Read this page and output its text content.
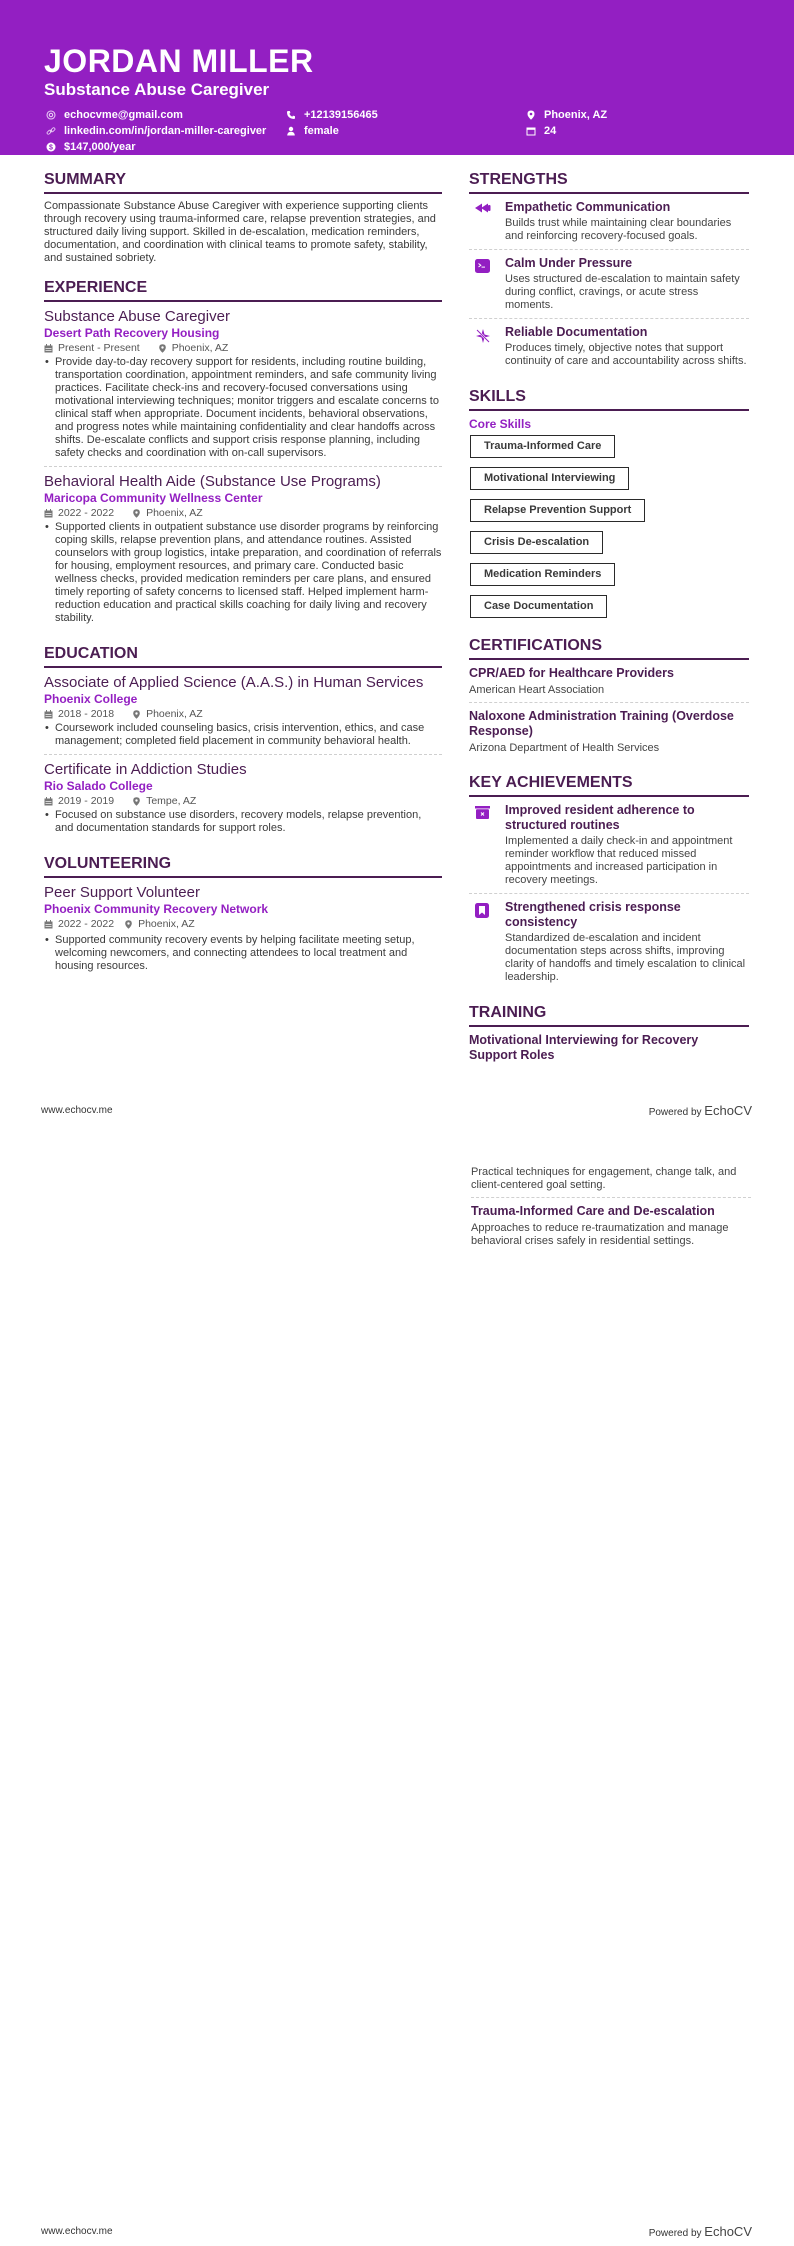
JORDAN MILLER
Substance Abuse Caregiver
echocvme@gmail.com
linkedin.com/in/jordan-miller-caregiver
$ $147,000/year
+12139156465
female
Phoenix, AZ
24
SUMMARY
Compassionate Substance Abuse Caregiver with experience supporting clients through recovery using trauma-informed care, relapse prevention strategies, and structured daily living support. Skilled in de-escalation, medication reminders, documentation, and coordination with clinical teams to promote safety, stability, and sustained sobriety.
EXPERIENCE
Substance Abuse Caregiver
Desert Path Recovery Housing
Present - Present	Phoenix, AZ
• Provide day-to-day recovery support for residents, including routine building, transportation coordination, appointment reminders, and safe community living practices. Facilitate check-ins and recovery-focused conversations using motivational interviewing techniques; monitor triggers and escalate concerns to clinical staff when appropriate. Document incidents, behavioral observations, and progress notes while maintaining confidentiality and clear handoffs across shifts. De-escalate conflicts and support crisis response planning, including safety checks and coordination with on-call supervisors.
Behavioral Health Aide (Substance Use Programs)
Maricopa Community Wellness Center
2022 - 2022	Phoenix, AZ
• Supported clients in outpatient substance use disorder programs by reinforcing coping skills, relapse prevention plans, and attendance routines. Assisted counselors with group logistics, intake preparation, and coordination of referrals for housing, employment resources, and primary care. Conducted basic wellness checks, provided medication reminders per care plans, and ensured timely reporting of safety concerns to licensed staff. Helped implement harm-reduction education and practical skills coaching for daily living and recovery stability.
EDUCATION
Associate of Applied Science (A.A.S.) in Human Services
Phoenix College
2018 - 2018	Phoenix, AZ
• Coursework included counseling basics, crisis intervention, ethics, and case management; completed field placement in community behavioral health.
Certificate in Addiction Studies
Rio Salado College
2019 - 2019	Tempe, AZ
• Focused on substance use disorders, recovery models, relapse prevention, and documentation standards for support roles.
VOLUNTEERING
Peer Support Volunteer
Phoenix Community Recovery Network
2022 - 2022 Phoenix, AZ
• Supported community recovery events by helping facilitate meeting setup, welcoming newcomers, and connecting attendees to local treatment and housing resources.
STRENGTHS
Empathetic Communication
Builds trust while maintaining clear boundaries and reinforcing recovery-focused goals.
Calm Under Pressure
Uses structured de-escalation to maintain safety during conflict, cravings, or acute stress moments.
Reliable Documentation
Produces timely, objective notes that support continuity of care and accountability across shifts.
SKILLS
Core Skills
Trauma-Informed Care
Motivational Interviewing
Relapse Prevention Support
Crisis De-escalation
Medication Reminders
Case Documentation
CERTIFICATIONS
CPR/AED for Healthcare Providers
American Heart Association
Naloxone Administration Training (Overdose Response)
Arizona Department of Health Services
KEY ACHIEVEMENTS
Improved resident adherence to structured routines
Implemented a daily check-in and appointment reminder workflow that reduced missed appointments and increased participation in recovery meetings.
Strengthened crisis response consistency
Standardized de-escalation and incident documentation steps across shifts, improving clarity of handoffs and timely escalation to clinical leadership.
TRAINING
Motivational Interviewing for Recovery Support Roles
www.echocv.me	Powered by EchoCV
Practical techniques for engagement, change talk, and client-centered goal setting.
Trauma-Informed Care and De-escalation
Approaches to reduce re-traumatization and manage behavioral crises safely in residential settings.
www.echocv.me	Powered by EchoCV
